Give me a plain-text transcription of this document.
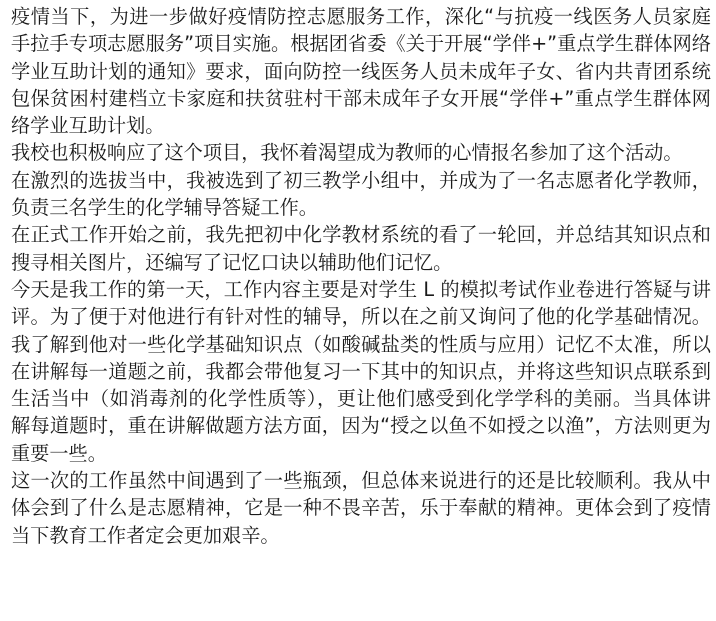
疫情当下，为进一步做好疫情防控志愿服务工作，深化“与抗疫一线医务人员家庭手拉手专项志愿服务”项目实施。根据团省委《关于开展“学伴+”重点学生群体网络学业互助计划的通知》要求，面向防控一线医务人员未成年子女、省内共青团系统包保贫困村建档立卡家庭和扶贫驻村干部未成年子女开展“学伴+”重点学生群体网络学业互助计划。

我校也积极响应了这个项目，我怀着渴望成为教师的心情报名参加了这个活动。

在激烈的选拔当中，我被选到了初三教学小组中，并成为了一名志愿者化学教师，负责三名学生的化学辅导答疑工作。

在正式工作开始之前，我先把初中化学教材系统的看了一轮回，并总结其知识点和搜寻相关图片，还编写了记忆口诀以辅助他们记忆。

今天是我工作的第一天，工作内容主要是对学生 L 的模拟考试作业卷进行答疑与讲评。为了便于对他进行有针对性的辅导，所以在之前又询问了他的化学基础情况。我了解到他对一些化学基础知识点（如酸碱盐类的性质与应用）记忆不太准，所以在讲解每一道题之前，我都会带他复习一下其中的知识点，并将这些知识点联系到生活当中（如消毒剂的化学性质等），更让他们感受到化学学科的美丽。当具体讲解每道题时，重在讲解做题方法方面，因为“授之以鱼不如授之以渔”，方法则更为重要一些。

这一次的工作虽然中间遇到了一些瓶颈，但总体来说进行的还是比较顺利。我从中体会到了什么是志愿精神，它是一种不畏辛苦，乐于奉献的精神。更体会到了疫情当下教育工作者定会更加艰辛。
